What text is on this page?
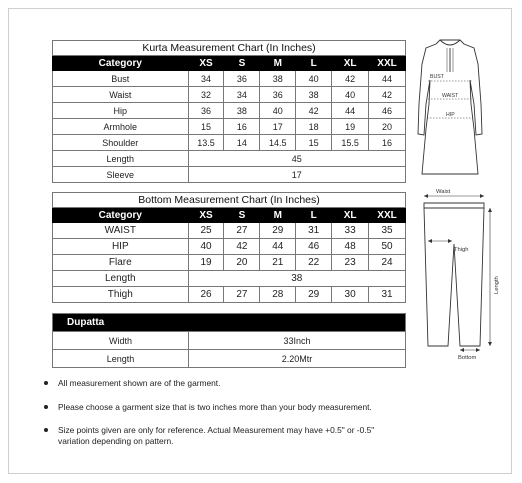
Kurta Measurement Chart (In Inches)						
Category	XS	S	M	L	XL	XXL
Bust	34	36	38	40	42	44
Waist	32	34	36	38	40	42
Hip	36	38	40	42	44	46
Armhole	15	16	17	18	19	20
Shoulder	13.5	14	14.5	15	15.5	16
Length	45					
Sleeve	17					
Bottom Measurement Chart (In Inches)						
Category	XS	S	M	L	XL	XXL
WAIST	25	27	29	31	33	35
HIP	40	42	44	46	48	50
Flare	19	20	21	22	23	24
Length	38					
Thigh	26	27	28	29	30	31
Dupatta	
Width	33Inch
Length	2.20Mtr
BUST
WAIST
HIP
Waist
Thigh
Length
Bottom
All measurement shown are of the garment.
Please choose a garment size that is two inches more than your body measurement.
Size points given are only for reference. Actual Measurement may have +0.5" or -0.5" variation depending on pattern.
